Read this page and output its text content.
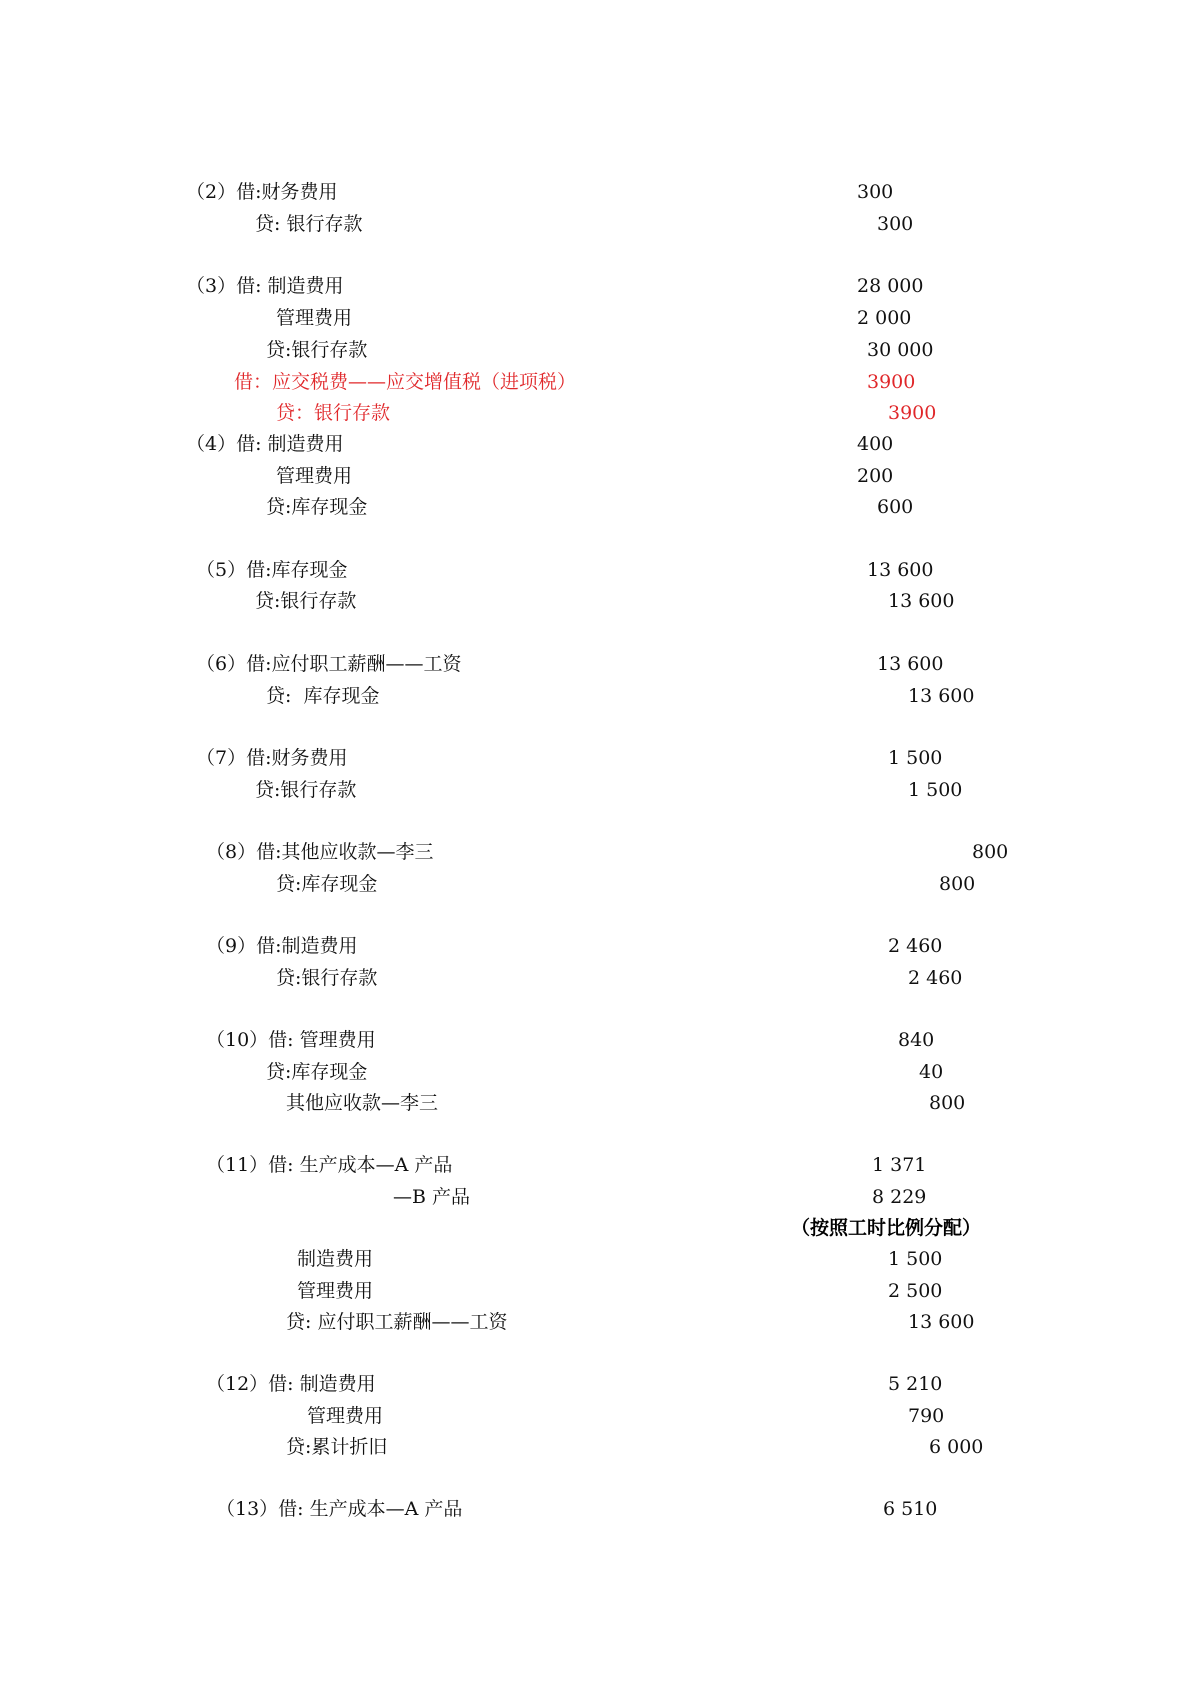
（2）借:财务费用	300
贷: 银行存款	300
（3）借: 制造费用	28 000
管理费用	2 000
贷:银行存款	30 000
借：应交税费——应交增值税（进项税）	3900
贷：银行存款	3900
（4）借: 制造费用	400
管理费用	200
贷:库存现金	600
（5）借:库存现金	13 600
贷:银行存款	13 600
（6）借:应付职工薪酬——工资	13 600
贷:  库存现金	13 600
（7）借:财务费用	1 500
贷:银行存款	1 500
（8）借:其他应收款—李三	800
贷:库存现金	800
（9）借:制造费用	2 460
贷:银行存款	2 460
（10）借: 管理费用	840
贷:库存现金	40
其他应收款—李三	800
（11）借: 生产成本—A 产品	1 371
—B 产品	8 229
（按照工时比例分配）
制造费用	1 500
管理费用	2 500
贷: 应付职工薪酬——工资	13 600
（12）借: 制造费用	5 210
管理费用	790
贷:累计折旧	6 000
（13）借: 生产成本—A 产品	6 510
